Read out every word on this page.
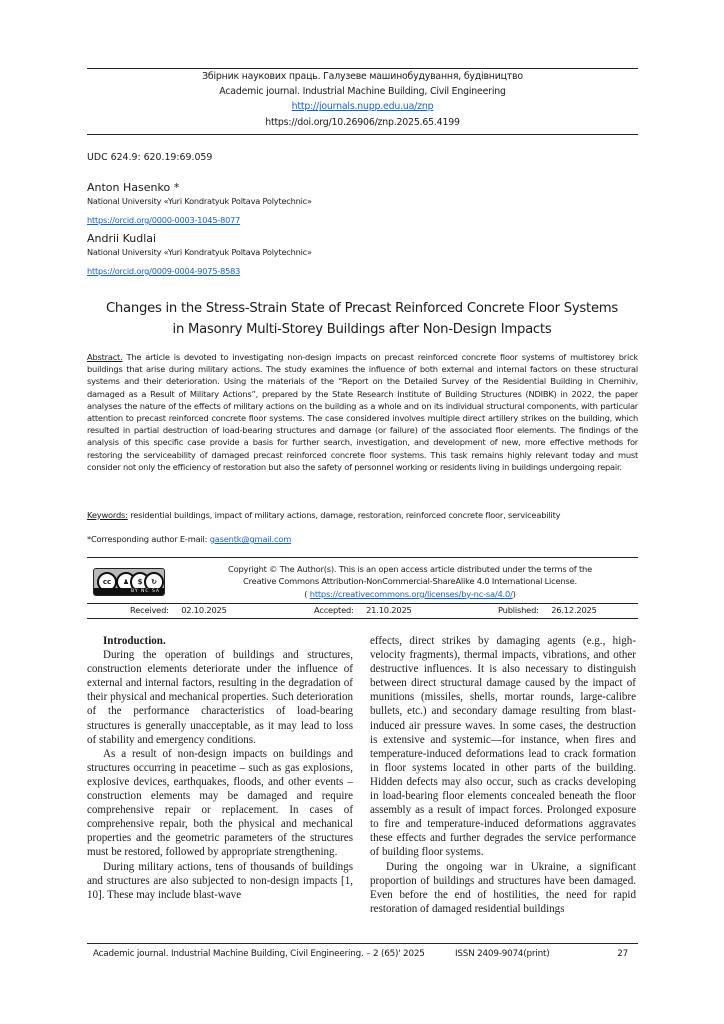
Збірник наукових праць. Галузеве машинобудування, будівництво
Academic journal. Industrial Machine Building, Civil Engineering
http://journals.nupp.edu.ua/znp
https://doi.org/10.26906/znp.2025.65.4199
UDC 624.9: 620.19:69.059
Anton Hasenko *
National University «Yuri Kondratyuk Poltava Polytechnic»
https://orcid.org/0000-0003-1045-8077
Andrii Kudlai
National University «Yuri Kondratyuk Poltava Polytechnic»
https://orcid.org/0009-0004-9075-8583
Changes in the Stress-Strain State of Precast Reinforced Concrete Floor Systems
in Masonry Multi-Storey Buildings after Non-Design Impacts
Abstract. The article is devoted to investigating non-design impacts on precast reinforced concrete floor systems of multistorey brick buildings that arise during military actions. The study examines the influence of both external and internal factors on these structural systems and their deterioration. Using the materials of the “Report on the Detailed Survey of the Residential Building in Chernihiv, damaged as a Result of Military Actions”, prepared by the State Research Institute of Building Structures (NDIBK) in 2022, the paper analyses the nature of the effects of military actions on the building as a whole and on its individual structural components, with particular attention to precast reinforced concrete floor systems. The case considered involves multiple direct artillery strikes on the building, which resulted in partial destruction of load-bearing structures and damage (or failure) of the associated floor elements. The findings of the analysis of this specific case provide a basis for further search, investigation, and development of new, more effective methods for restoring the serviceability of damaged precast reinforced concrete floor systems. This task remains highly relevant today and must consider not only the efficiency of restoration but also the safety of personnel working or residents living in buildings undergoing repair.
Keywords: residential buildings, impact of military actions, damage, restoration, reinforced concrete floor, serviceability
*Corresponding author E-mail: gasentk@gmail.com
cc	♟	$	↻
BY NC SA
Copyright © The Author(s). This is an open access article distributed under the terms of the
Creative Commons Attribution-NonCommercial-ShareAlike 4.0 International License.
( https://creativecommons.org/licenses/by-nc-sa/4.0/)
Received: 02.10.2025	Accepted: 21.10.2025	Published: 26.12.2025

Introduction.

During the operation of buildings and structures, construction elements deteriorate under the influence of external and internal factors, resulting in the degradation of their physical and mechanical properties. Such deterioration of the performance characteristics of load-bearing structures is generally unacceptable, as it may lead to loss of stability and emergency conditions.

As a result of non-design impacts on buildings and structures occurring in peacetime – such as gas explosions, explosive devices, earthquakes, floods, and other events – construction elements may be damaged and require comprehensive repair or replacement. In cases of comprehensive repair, both the physical and mechanical properties and the geometric parameters of the structures must be restored, followed by appropriate strengthening.

During military actions, tens of thousands of buildings and structures are also subjected to non-design impacts [1, 10]. These may include blast-wave

effects, direct strikes by damaging agents (e.g., high-velocity fragments), thermal impacts, vibrations, and other destructive influences. It is also necessary to distinguish between direct structural damage caused by the impact of munitions (missiles, shells, mortar rounds, large-calibre bullets, etc.) and secondary damage resulting from blast-induced air pressure waves. In some cases, the destruction is extensive and systemic—for instance, when fires and temperature-induced deformations lead to crack formation in floor systems located in other parts of the building. Hidden defects may also occur, such as cracks developing in load-bearing floor elements concealed beneath the floor assembly as a result of impact forces. Prolonged exposure to fire and temperature-induced deformations aggravates these effects and further degrades the service performance of building floor systems.

During the ongoing war in Ukraine, a significant proportion of buildings and structures have been damaged. Even before the end of hostilities, the need for rapid restoration of damaged residential buildings

Academic journal. Industrial Machine Building, Civil Engineering. – 2 (65)' 2025	ISSN 2409-9074(print)	27
